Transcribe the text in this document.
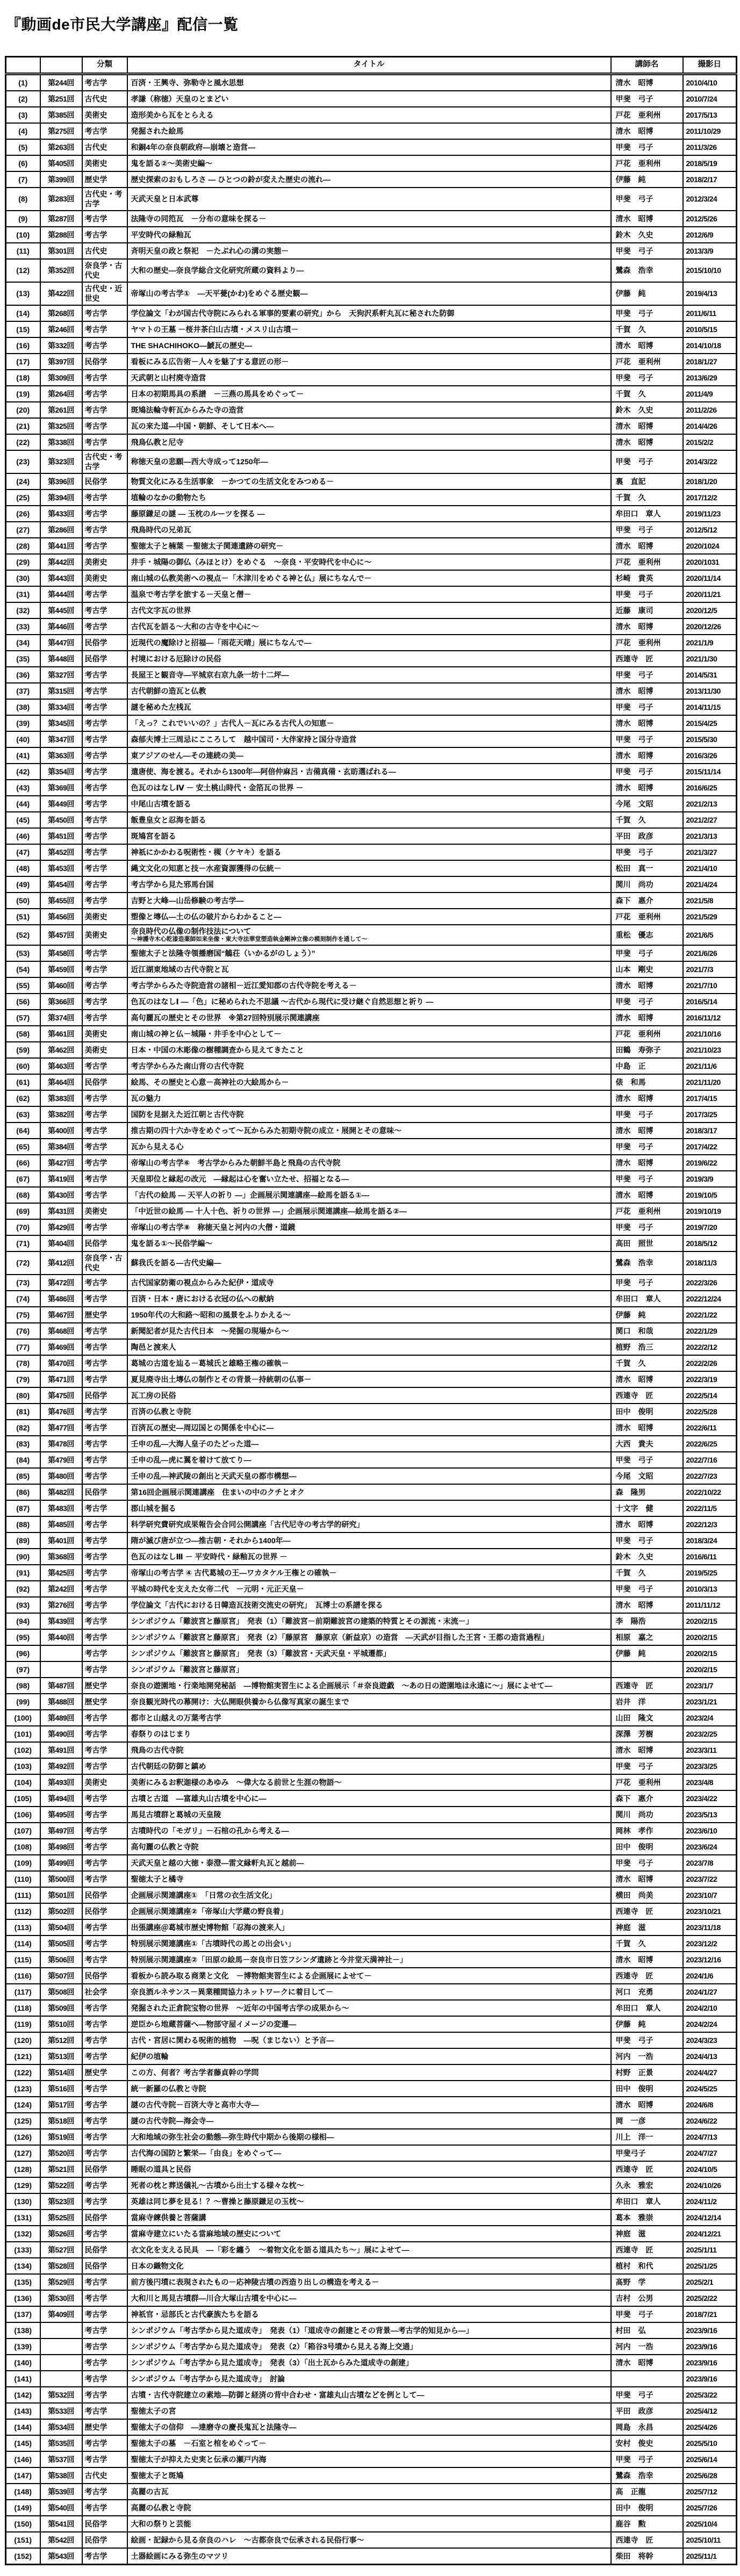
『動画de市民大学講座』配信一覧
		分類	タイトル	講師名	撮影日
(1)	第244回	考古学	百済・王興寺、弥勒寺と風水思想	清水　昭博	2010/4/10
(2)	第251回	古代史	孝謙（称徳）天皇のとまどい	甲斐　弓子	2010/7/24
(3)	第385回	美術史	造形美から瓦をとらえる	戸花　亜利州	2017/5/13
(4)	第275回	考古学	発掘された絵馬	清水　昭博	2011/10/29
(5)	第263回	古代史	和銅4年の奈良朝政府―崩壊と造営―	甲斐　弓子	2011/3/26
(6)	第405回	美術史	鬼を語る②～美術史編～	戸花　亜利州	2018/5/19
(7)	第399回	歴史学	歴史探索のおもしろさ ― ひとつの鈴が変えた歴史の流れ―	伊藤　純	2018/2/17
(8)	第283回	古代史・考古学	天武天皇と日本武尊	甲斐　弓子	2012/3/24
(9)	第287回	考古学	法隆寺の同笵瓦　－分布の意味を探る－	清水　昭博	2012/5/26
(10)	第288回	考古学	平安時代の緑釉瓦	鈴木　久史	2012/6/9
(11)	第301回	古代史	斉明天皇の政と祭祀　－たぶれ心の溝の実態－	甲斐　弓子	2013/3/9
(12)	第352回	奈良学・古代史	大和の歴史―奈良学総合文化研究所蔵の資料より―	鷺森　浩幸	2015/10/10
(13)	第422回	古代史・近世史	帝塚山の考古学①　―天平甍(かわ)をめぐる歴史観―	伊藤　純	2019/4/13
(14)	第268回	考古学	学位論文「わが国古代寺院にみられる軍事的要素の研究」から　天狗沢系軒丸瓦に秘された防御	甲斐　弓子	2011/6/11
(15)	第246回	考古学	ヤマトの王墓 －桜井茶臼山古墳・メスリ山古墳－	千賀　久	2010/5/15
(16)	第332回	考古学	THE SHACHIHOKO―鯱瓦の歴史―	清水　昭博	2014/10/18
(17)	第397回	民俗学	看板にみる広告術－人々を魅了する意匠の形－	戸花　亜利州	2018/1/27
(18)	第309回	考古学	天武朝と山村廃寺造営	甲斐　弓子	2013/6/29
(19)	第264回	考古学	日本の初期馬具の系譜　－三燕の馬具をめぐって－	千賀　久	2011/4/9
(20)	第261回	考古学	斑鳩法輪寺軒瓦からみた寺の造営	鈴木　久史	2011/2/26
(21)	第325回	考古学	瓦の来た道―中国・朝鮮、そして日本へ―	清水　昭博	2014/4/26
(22)	第338回	考古学	飛鳥仏教と尼寺	清水　昭博	2015/2/2
(23)	第323回	古代史・考古学	称徳天皇の悲願―西大寺成って1250年―	甲斐　弓子	2014/3/22
(24)	第396回	民俗学	物質文化にみる生活事象　－かつての生活文化をみつめる－	裏　直記	2018/1/20
(25)	第394回	考古学	埴輪のなかの動物たち	千賀　久	2017/12/2
(26)	第433回	考古学	藤原鎌足の謎 ― 玉枕のルーツを探る ―	牟田口　章人	2019/11/23
(27)	第286回	考古学	飛鳥時代の兄弟瓦	甲斐　弓子	2012/5/12
(28)	第441回	考古学	聖徳太子と楠葉 －聖徳太子関連遺跡の研究－	清水　昭博	2020/1024
(29)	第442回	美術史	井手・城陽の御仏（みほとけ）をめぐる　～奈良・平安時代を中心に～	戸花　亜利州	2020/1031
(30)	第443回	美術史	南山城の仏教美術への視点－「木津川をめぐる神と仏」展にちなんで－	杉崎　貴英	2020/11/14
(31)	第444回	考古学	温泉で考古学を旅する－天皇と僧－	甲斐　弓子	2020/11/21
(32)	第445回	考古学	古代文字瓦の世界	近藤　康司	2020/12/5
(33)	第446回	考古学	古代瓦を語る～大和の古寺を中心に～	清水　昭博	2020/12/26
(34)	第447回	民俗学	近現代の魔除けと招福―「雨花天晴」展にちなんで―	戸花　亜利州	2021/1/9
(35)	第448回	民俗学	村境における厄除けの民俗	西連寺　匠	2021/1/30
(36)	第327回	考古学	長屋王と観音寺―平城京右京九条一坊十二坪―	甲斐　弓子	2014/5/31
(37)	第315回	考古学	古代朝鮮の造瓦と仏教	清水　昭博	2013/11/30
(38)	第334回	考古学	謎を秘めた左桟瓦	甲斐　弓子	2014/11/15
(39)	第345回	考古学	「えっ？これでいいの？」古代人－瓦にみる古代人の知恵－	清水　昭博	2015/4/25
(40)	第347回	考古学	森郁夫博士三周忌にこころして　越中国司・大伴家持と国分寺造営	甲斐　弓子	2015/5/30
(41)	第363回	考古学	東アジアのせん―その連続の美―	清水　昭博	2016/3/26
(42)	第354回	考古学	遣唐使、海を渡る。それから1300年―阿倍仲麻呂・吉備真備・玄昉選ばれる―	甲斐　弓子	2015/11/14
(43)	第369回	考古学	色瓦のはなしⅣ － 安土桃山時代・金箔瓦の世界 －	清水　昭博	2016/6/25
(44)	第449回	考古学	中尾山古墳を語る	今尾　文昭	2021/2/13
(45)	第450回	考古学	飯豊皇女と忍海を語る	千賀　久	2021/2/27
(46)	第451回	考古学	斑鳩宮を語る	平田　政彦	2021/3/13
(47)	第452回	考古学	神祇にかかわる呪術性・槻（ケヤキ）を語る	甲斐　弓子	2021/3/27
(48)	第453回	考古学	縄文文化の知恵と技－水産資源獲得の伝統－	松田　真一	2021/4/10
(49)	第454回	考古学	考古学から見た邪馬台国	関川　尚功	2021/4/24
(50)	第455回	考古学	吉野と大峰―山岳修験の考古学―	森下　惠介	2021/5/8
(51)	第456回	美術史	塑像と塼仏―土の仏の破片からわかること―	戸花　亜利州	2021/5/29
(52)	第457回	美術史	奈良時代の仏像の制作技法について
～神護寺木心乾漆造薬師如来坐像・東大寺法華堂塑造執金剛神立像の模刻制作を通して～	重松　優志	2021/6/5
(53)	第458回	考古学	聖徳太子と法隆寺領播磨国“鵤荘（いかるがのしょう）”	甲斐　弓子	2021/6/26
(54)	第459回	考古学	近江湖東地域の古代寺院と瓦	山本　剛史	2021/7/3
(55)	第460回	考古学	考古学からみた寺院造営の諸相－近江愛知郡の古代寺院を考える－	清水　昭博	2021/7/10
(56)	第366回	考古学	色瓦のはなしⅠ ―「色」に秘められた不思議 ～古代から現代に受け継ぐ自然思想と祈り ―	甲斐　弓子	2016/5/14
(57)	第374回	考古学	高句麗瓦の歴史とその世界　※第27回特別展示関連講座	清水　昭博	2016/11/12
(58)	第461回	美術史	南山城の神と仏－城陽・井手を中心として－	戸花　亜利州	2021/10/16
(59)	第462回	美術史	日本・中国の木彫像の樹種調査から見えてきたこと	田鶴　寿弥子	2021/10/23
(60)	第463回	考古学	考古学からみた南山背の古代寺院	中島　正	2021/11/6
(61)	第464回	民俗学	絵馬、その歴史と心意－高神社の大絵馬から－	俵　和馬	2021/11/20
(62)	第383回	考古学	瓦の魅力	清水　昭博	2017/4/15
(63)	第382回	考古学	国防を見据えた近江朝と古代寺院	甲斐　弓子	2017/3/25
(64)	第400回	考古学	推古期の四十六か寺をめぐって～瓦からみた初期寺院の成立・展開とその意味～	清水　昭博	2018/3/17
(65)	第384回	考古学	瓦から見える心	甲斐　弓子	2017/4/22
(66)	第427回	考古学	帝塚山の考古学⑥　考古学からみた朝鮮半島と飛鳥の古代寺院	清水　昭博	2019/6/22
(67)	第419回	考古学	天皇即位と縁起の改元　―縁起は心を奮い立たせ、招福となる―	甲斐　弓子	2019/3/9
(68)	第430回	考古学	「古代の絵馬 ― 天平人の祈り ―」企画展示関連講座―絵馬を語る①―	清水　昭博	2019/10/5
(69)	第431回	美術史	「中近世の絵馬 ― 十人十色、祈りの世界 ―」企画展示関連講座―絵馬を語る②―	戸花　亜利州	2019/10/19
(70)	第429回	考古学	帝塚山の考古学⑧　称徳天皇と河内の大僧・道鏡	甲斐　弓子	2019/7/20
(71)	第404回	民俗学	鬼を語る①～民俗学編～	高田　照世	2018/5/12
(72)	第412回	奈良学・古代史	蘇我氏を語る―古代史編―	鷺森　浩幸	2018/11/3
(73)	第472回	考古学	古代国家防衛の視点からみた紀伊・道成寺	甲斐　弓子	2022/3/26
(74)	第486回	考古学	百済・日本・唐における衣冠の仏への献納	牟田口　章人	2022/12/24
(75)	第467回	歴史学	1950年代の大和路～昭和の風景をふりかえる～	伊藤　純	2022/1/22
(76)	第468回	考古学	新聞記者が見た古代日本　～発掘の現場から～	関口　和哉	2022/1/29
(77)	第469回	考古学	陶邑と渡来人	植野　浩三	2022/2/12
(78)	第470回	考古学	葛城の古道を辿る－葛城氏と雄略王権の確執－	千賀　久	2022/2/26
(79)	第471回	考古学	夏見廃寺出土塼仏の制作とその背景－持統朝の仏事－	清水　昭博	2022/3/19
(80)	第475回	民俗学	瓦工房の民俗	西連寺　匠	2022/5/14
(81)	第476回	考古学	百済の仏教と寺院	田中　俊明	2022/5/28
(82)	第477回	考古学	百済瓦の歴史―周辺国との関係を中心に―	清水　昭博	2022/6/11
(83)	第478回	考古学	壬申の乱―大海人皇子のたどった道―	大西　貴夫	2022/6/25
(84)	第479回	考古学	壬申の乱―虎に翼を着けて放てり―	甲斐　弓子	2022/7/16
(85)	第480回	考古学	壬申の乱―神武陵の創出と天武天皇の都市構想―	今尾　文昭	2022/7/23
(86)	第482回	民俗学	第16回企画展示関連講座　住まいの中のクチとオク	森　隆男	2022/10/22
(87)	第483回	考古学	郡山城を掘る	十文字　健	2022/11/5
(88)	第485回	考古学	科学研究費研究成果報告会合同公開講座「古代尼寺の考古学的研究」	清水　昭博	2022/12/3
(89)	第401回	考古学	隋が滅び唐が立つ―推古朝・それから1400年―	甲斐　弓子	2018/3/24
(90)	第368回	考古学	色瓦のはなしⅢ － 平安時代・緑釉瓦の世界 －	鈴木　久史	2016/6/11
(91)	第425回	考古学	帝塚山の考古学 ④ 古代葛城の王―ワカタケル王権との確執－	千賀　久	2019/5/25
(92)	第242回	考古学	平城の時代を支えた女帝二代　－元明・元正天皇－	甲斐　弓子	2010/3/13
(93)	第276回	考古学	学位論文「古代における日韓造瓦技術交流史の研究」　瓦博士の系譜を探る	清水　昭博	2011/11/12
(94)	第439回	考古学	シンポジウム「難波宮と藤原宮」　発表（1）「難波宮－前期難波宮の建築的特質とその源流・末流－」	李　陽浩	2020/2/15
(95)	第440回	考古学	シンポジウム「難波宮と藤原宮」　発表（2）「藤原宮　藤原京（新益京）の造営　―天武が目指した王宮・王都の造営過程」	相原　嘉之	2020/2/15
(96)		考古学	シンポジウム「難波宮と藤原宮」　発表（3）「難波宮・天武天皇・平城遷都」	伊藤　純	2020/2/15
(97)		考古学	シンポジウム「難波宮と藤原宮」		2020/2/15
(98)	第487回	歴史学	奈良の遊園地・行楽地開発秘話　―博物館実習生による企画展示「＃奈良遊戯　～あの日の遊園地は永遠に～」展によせて―	西連寺　匠	2023/1/7
(99)	第488回	歴史学	奈良観光時代の幕開け：大仏開眼供養から仏像写真家の誕生まで	岩井　洋	2023/1/21
(100)	第489回	考古学	都市と山越えの万葉考古学	山田　隆文	2023/2/4
(101)	第490回	考古学	春祭りのはじまり	深澤　芳樹	2023/2/25
(102)	第491回	考古学	飛鳥の古代寺院	清水　昭博	2023/3/11
(103)	第492回	考古学	古代朝廷の防御と鎮め	甲斐　弓子	2023/3/25
(104)	第493回	美術史	美術にみるお釈迦様のあゆみ　～偉大なる前世と生涯の物語～	戸花　亜利州	2023/4/8
(105)	第494回	考古学	古墳と古道　―富雄丸山古墳を中心に―	森下　惠介	2023/4/22
(106)	第495回	考古学	馬見古墳群と葛城の天皇陵	関川　尚功	2023/5/13
(107)	第497回	考古学	古墳時代の「モガリ」－石棺の孔から考える―	岡林　孝作	2023/6/10
(108)	第498回	考古学	高句麗の仏教と寺院	田中　俊明	2023/6/24
(109)	第499回	考古学	天武天皇と越の大徳・泰澄―雷文縁軒丸瓦と越前―	甲斐　弓子	2023/7/8
(110)	第500回	考古学	聖徳太子と橘寺	清水　昭博	2023/7/22
(111)	第501回	民俗学	企画展示関連講座①　「日常の衣生活文化」	横田　尚美	2023/10/7
(112)	第502回	民俗学	企画展示関連講座②「帝塚山大学蔵の野良着」	西連寺　匠	2023/10/21
(113)	第504回	考古学	出張講座＠葛城市歴史博物館「忍海の渡来人」	神庭　滋	2023/11/18
(114)	第505回	考古学	特別展示関連講座①「古墳時代の馬との出会い」	千賀　久	2023/12/2
(115)	第506回	考古学	特別展示関連講座②「田原の絵馬－奈良市日笠フシンダ遺跡と今井堂天満神社－」	清水　昭博	2023/12/16
(116)	第507回	民俗学	看板から読み取る商業と文化　－博物館実習生による企画展によせて－	西連寺　匠	2024/1/6
(117)	第508回	社会学	奈良酒ルネサンス－異業種間協力ネットワークに着目して－	河口　充勇	2024/1/27
(118)	第509回	考古学	発掘された正倉院宝物の世界　～近年の中国考古学の成果から～	牟田口　章人	2024/2/10
(119)	第510回	考古学	逆臣から地蔵菩薩へ―物部守屋イメージの変遷―	伊藤　純	2024/2/24
(120)	第512回	考古学	古代・宮居に関わる呪術的植物　―呪（まじない）と予言―	甲斐　弓子	2024/3/23
(121)	第513回	考古学	紀伊の埴輪	河内　一浩	2024/4/13
(122)	第514回	歴史学	この方、何者？考古学者藤貞幹の学問	村野　正景	2024/4/27
(123)	第516回	考古学	統一新羅の仏教と寺院	田中　俊明	2024/5/25
(124)	第517回	考古学	謎の古代寺院－百済大寺と高市大寺―	清水　昭博	2024/6/8
(125)	第518回	考古学	謎の古代寺院―海会寺―	岡　一彦	2024/6/22
(126)	第519回	考古学	大和地域の弥生社会の動態―弥生時代中期から後期の様相―	川上　洋一	2024/7/13
(127)	第520回	考古学	古代海の国防と繁栄―「由良」をめぐって―	甲斐弓子	2024/7/27
(128)	第521回	民俗学	睡眠の道具と民俗	西連寺　匠	2024/10/5
(129)	第522回	考古学	死者の枕と葬送儀礼～古墳から出土する様々な枕～	久永　雅宏	2024/10/26
(130)	第523回	考古学	英雄は同じ夢を見る！？～曹操と藤原鎌足の玉枕～	牟田口　章人	2024/11/2
(131)	第525回	民俗学	當麻寺練供養と菩薩講	葛本　雅崇	2024/12/14
(132)	第526回	考古学	當麻寺建立にいたる當麻地域の歴史について	神庭　滋	2024/12/21
(133)	第527回	民俗学	衣文化を支える民具　―「彩を纏う　～着物文化を語る道具たち～」展によせて―	西連寺　匠	2025/1/11
(134)	第528回	民俗学	日本の織物文化	植村　和代	2025/1/25
(135)	第529回	考古学	前方後円墳に表現されたもの－応神陵古墳の西造り出しの構造を考える－	髙野　学	2025/2/1
(136)	第530回	考古学	大和川と馬見古墳群―川合大塚山古墳を中心に―	吉村　公男	2025/2/22
(137)	第409回	考古学	神祇官・忌部氏と古代豪族たちを語る	甲斐　弓子	2018/7/21
(138)		考古学	シンポジウム「考古学から見た道成寺」　発表（1）「道成寺の創建とその背景―考古学的知見から―」	村田　弘	2023/9/16
(139)		考古学	シンポジウム「考古学から見た道成寺」　発表（2）「箱谷3号墳から見える海上交通」	河内　一浩	2023/9/16
(140)		考古学	シンポジウム「考古学から見た道成寺」　発表（3）「出土瓦からみた道成寺の創建」	清水　昭博	2023/9/16
(141)		考古学	シンポジウム「考古学から見た道成寺」　討論		2023/9/16
(142)	第532回	考古学	古墳・古代寺院建立の素地―防御と経済の背中合わせ・富雄丸山古墳などを例として―	甲斐　弓子	2025/3/22
(143)	第533回	考古学	聖徳太子の宮	平田　政彦	2025/4/12
(144)	第534回	歴史学	聖徳太子の信仰　―達磨寺の慶長鬼瓦と法隆寺―	岡島　永昌	2025/4/26
(145)	第535回	考古学	聖徳太子の墓　－石室と棺をめぐって－	安村　俊史	2025/5/10
(146)	第537回	考古学	聖徳太子が抑えた史実と伝承の瀬戸内海	甲斐　弓子	2025/6/14
(147)	第538回	古代史	聖徳太子と斑鳩	鷺森　浩幸	2025/6/28
(148)	第539回	考古学	高麗の古瓦	高　正龍	2025/7/12
(149)	第540回	考古学	高麗の仏教と寺院	田中　俊明	2025/7/26
(150)	第541回	民俗学	大和の祭りと芸能	鹿谷　勲	2025/10/4
(151)	第542回	民俗学	絵画・記録から見る奈良のハレ　～古都奈良で伝承される民俗行事～	西連寺　匠	2025/10/11
(152)	第543回	考古学	土器絵画にみる弥生のマツリ	柴田　将幹	2025/11/1
